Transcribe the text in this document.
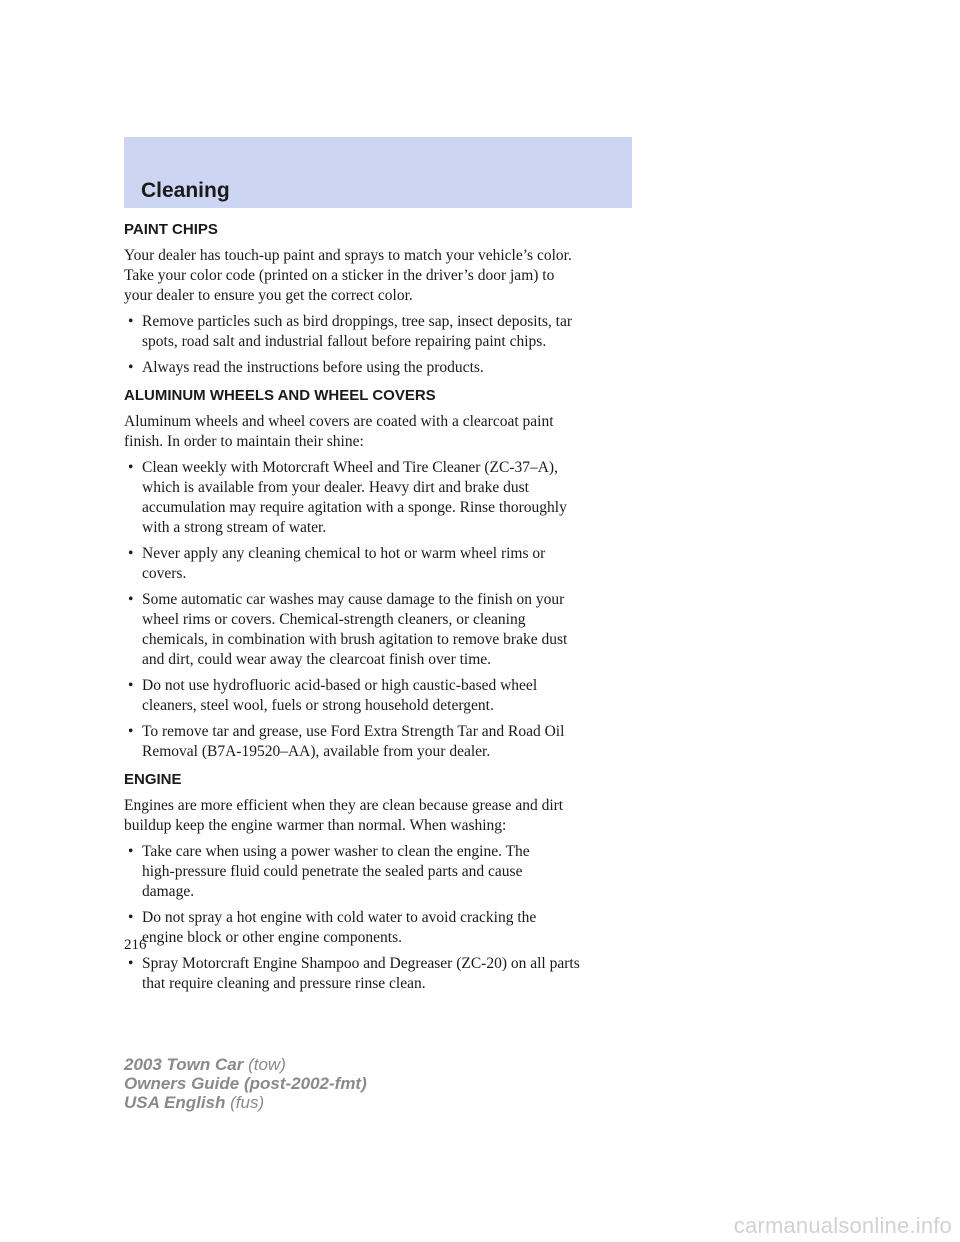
Cleaning
PAINT CHIPS

Your dealer has touch-up paint and sprays to match your vehicle’s color.

Take your color code (printed on a sticker in the driver’s door jam) to

your dealer to ensure you get the correct color.

• Remove particles such as bird droppings, tree sap, insect deposits, tar
spots, road salt and industrial fallout before repairing paint chips.
• Always read the instructions before using the products.
ALUMINUM WHEELS AND WHEEL COVERS

Aluminum wheels and wheel covers are coated with a clearcoat paint

finish. In order to maintain their shine:

• Clean weekly with Motorcraft Wheel and Tire Cleaner (ZC-37–A),
which is available from your dealer. Heavy dirt and brake dust
accumulation may require agitation with a sponge. Rinse thoroughly
with a strong stream of water.
• Never apply any cleaning chemical to hot or warm wheel rims or
covers.
• Some automatic car washes may cause damage to the finish on your
wheel rims or covers. Chemical-strength cleaners, or cleaning
chemicals, in combination with brush agitation to remove brake dust
and dirt, could wear away the clearcoat finish over time.
• Do not use hydrofluoric acid-based or high caustic-based wheel
cleaners, steel wool, fuels or strong household detergent.
• To remove tar and grease, use Ford Extra Strength Tar and Road Oil
Removal (B7A-19520–AA), available from your dealer.
ENGINE

Engines are more efficient when they are clean because grease and dirt

buildup keep the engine warmer than normal. When washing:

• Take care when using a power washer to clean the engine. The
high-pressure fluid could penetrate the sealed parts and cause
damage.
• Do not spray a hot engine with cold water to avoid cracking the
engine block or other engine components.
• Spray Motorcraft Engine Shampoo and Degreaser (ZC-20) on all parts
that require cleaning and pressure rinse clean.
216
2003 Town Car (tow)
Owners Guide (post-2002-fmt)
USA English (fus)
carmanualsonline.info
